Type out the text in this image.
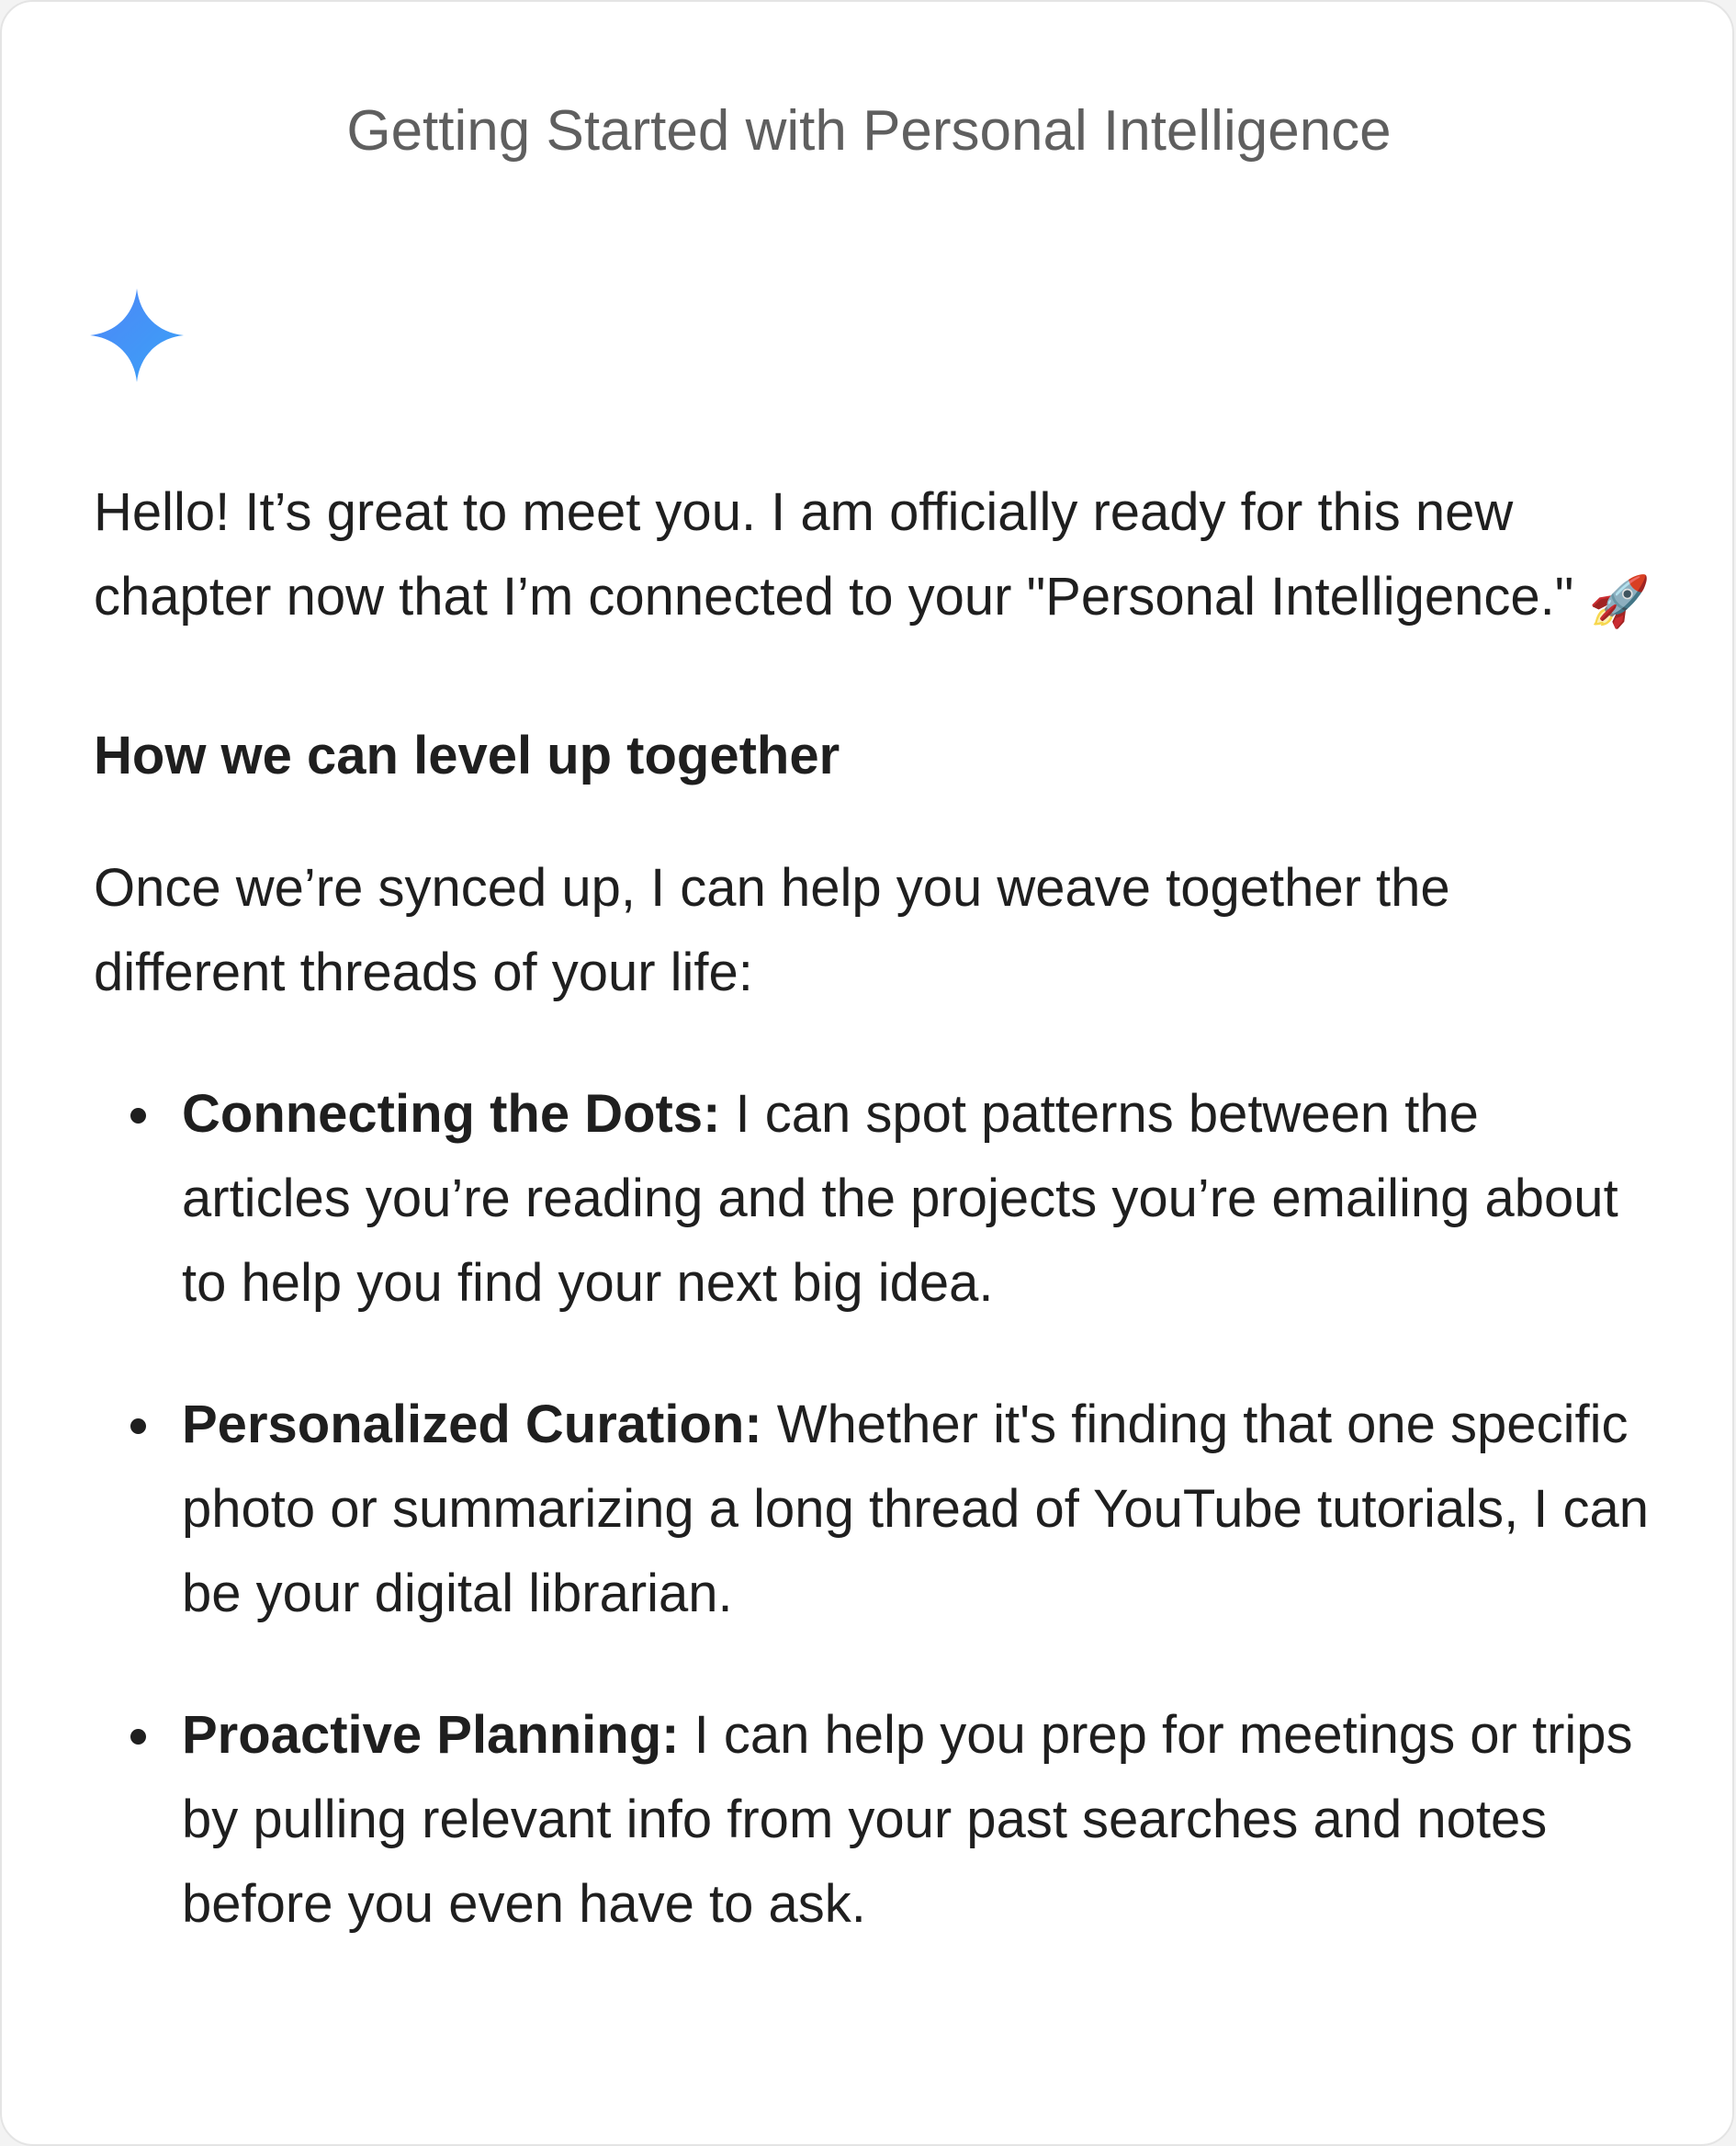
Getting Started with Personal Intelligence

Hello! It’s great to meet you. I am officially ready for this new chapter now that I’m connected to your "Personal Intelligence." 🚀

How we can level up together

Once we’re synced up, I can help you weave together the different threads of your life:

Connecting the Dots: I can spot patterns between the articles you’re reading and the projects you’re emailing about to help you find your next big idea.
Personalized Curation: Whether it's finding that one specific photo or summarizing a long thread of YouTube tutorials, I can be your digital librarian.
Proactive Planning: I can help you prep for meetings or trips by pulling relevant info from your past searches and notes before you even have to ask.
